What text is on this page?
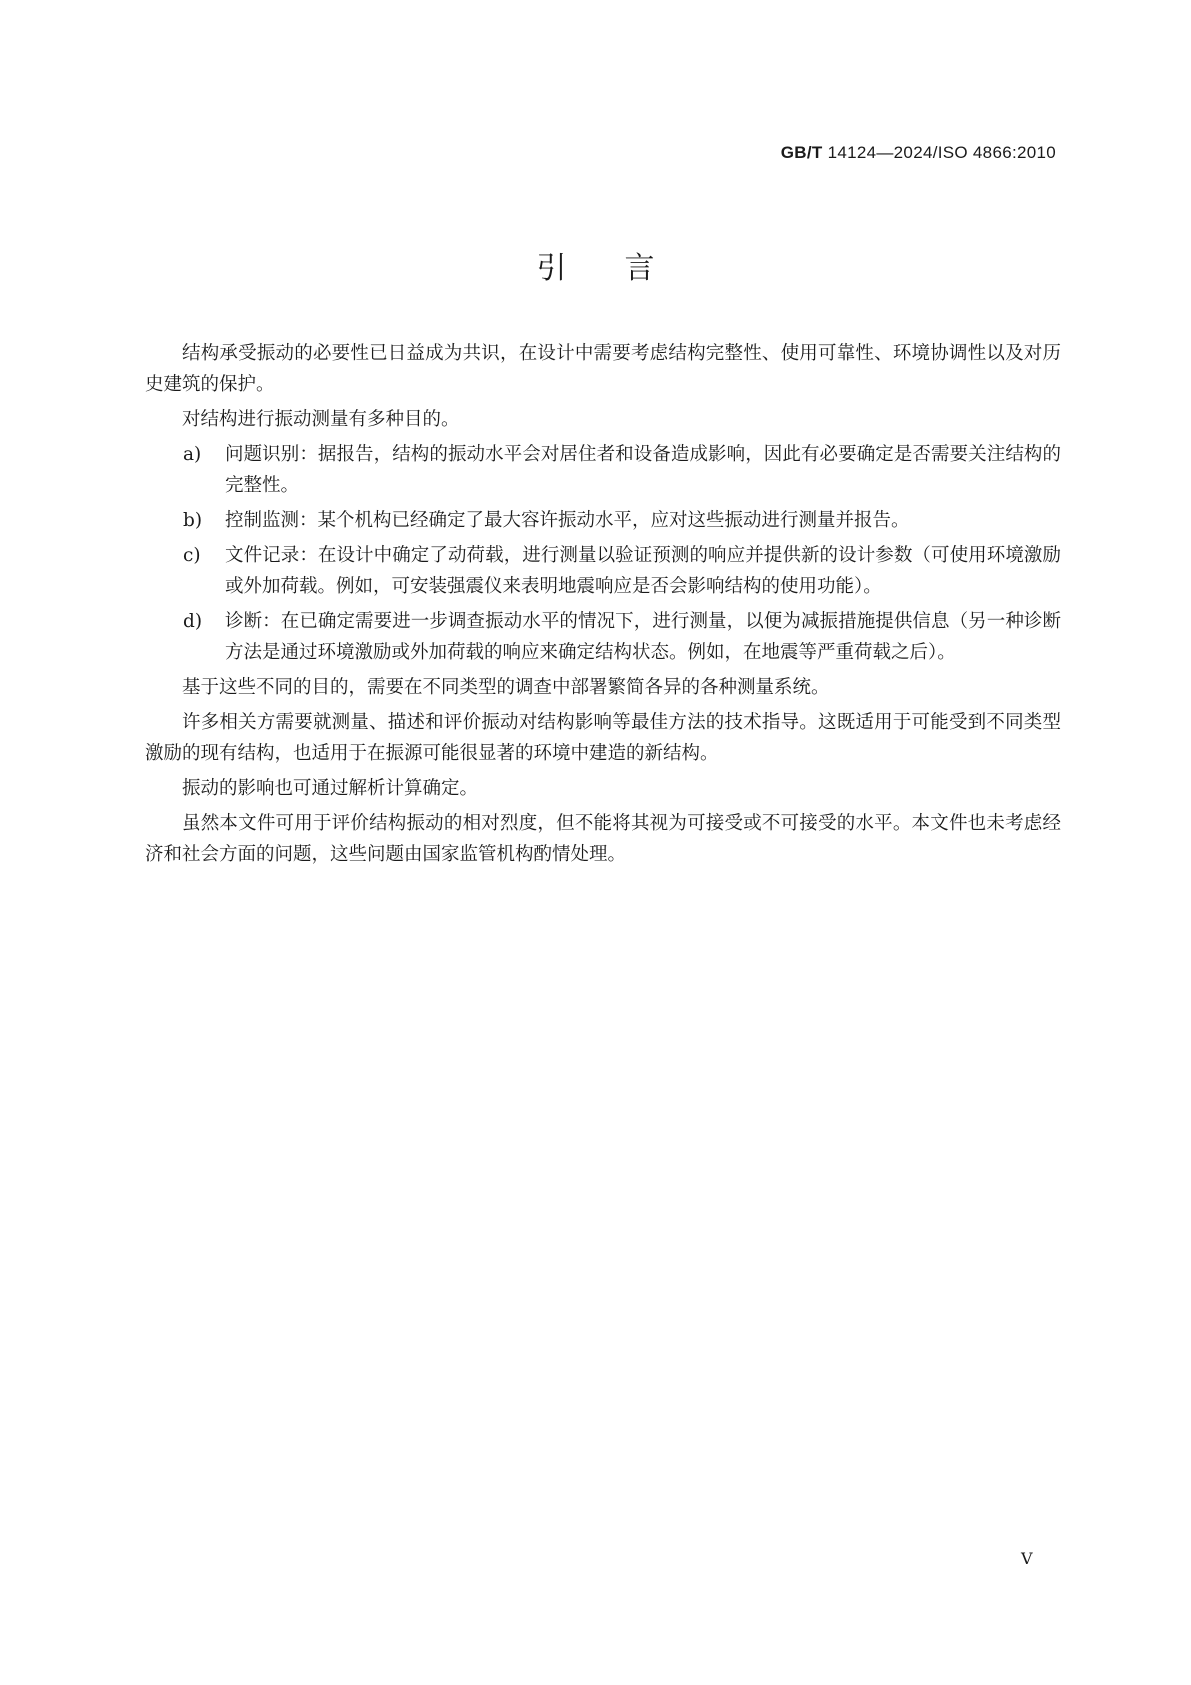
GB/T 14124—2024/ISO 4866:2010
引言

结构承受振动的必要性已日益成为共识，在设计中需要考虑结构完整性、使用可靠性、环境协调性以及对历史建筑的保护。

对结构进行振动测量有多种目的。

a) 问题识别：据报告，结构的振动水平会对居住者和设备造成影响，因此有必要确定是否需要关注结构的完整性。
b) 控制监测：某个机构已经确定了最大容许振动水平，应对这些振动进行测量并报告。
c) 文件记录：在设计中确定了动荷载，进行测量以验证预测的响应并提供新的设计参数（可使用环境激励或外加荷载。例如，可安装强震仪来表明地震响应是否会影响结构的使用功能）。
d) 诊断：在已确定需要进一步调查振动水平的情况下，进行测量，以便为减振措施提供信息（另一种诊断方法是通过环境激励或外加荷载的响应来确定结构状态。例如，在地震等严重荷载之后）。

基于这些不同的目的，需要在不同类型的调查中部署繁简各异的各种测量系统。

许多相关方需要就测量、描述和评价振动对结构影响等最佳方法的技术指导。这既适用于可能受到不同类型激励的现有结构，也适用于在振源可能很显著的环境中建造的新结构。

振动的影响也可通过解析计算确定。

虽然本文件可用于评价结构振动的相对烈度，但不能将其视为可接受或不可接受的水平。本文件也未考虑经济和社会方面的问题，这些问题由国家监管机构酌情处理。

V
